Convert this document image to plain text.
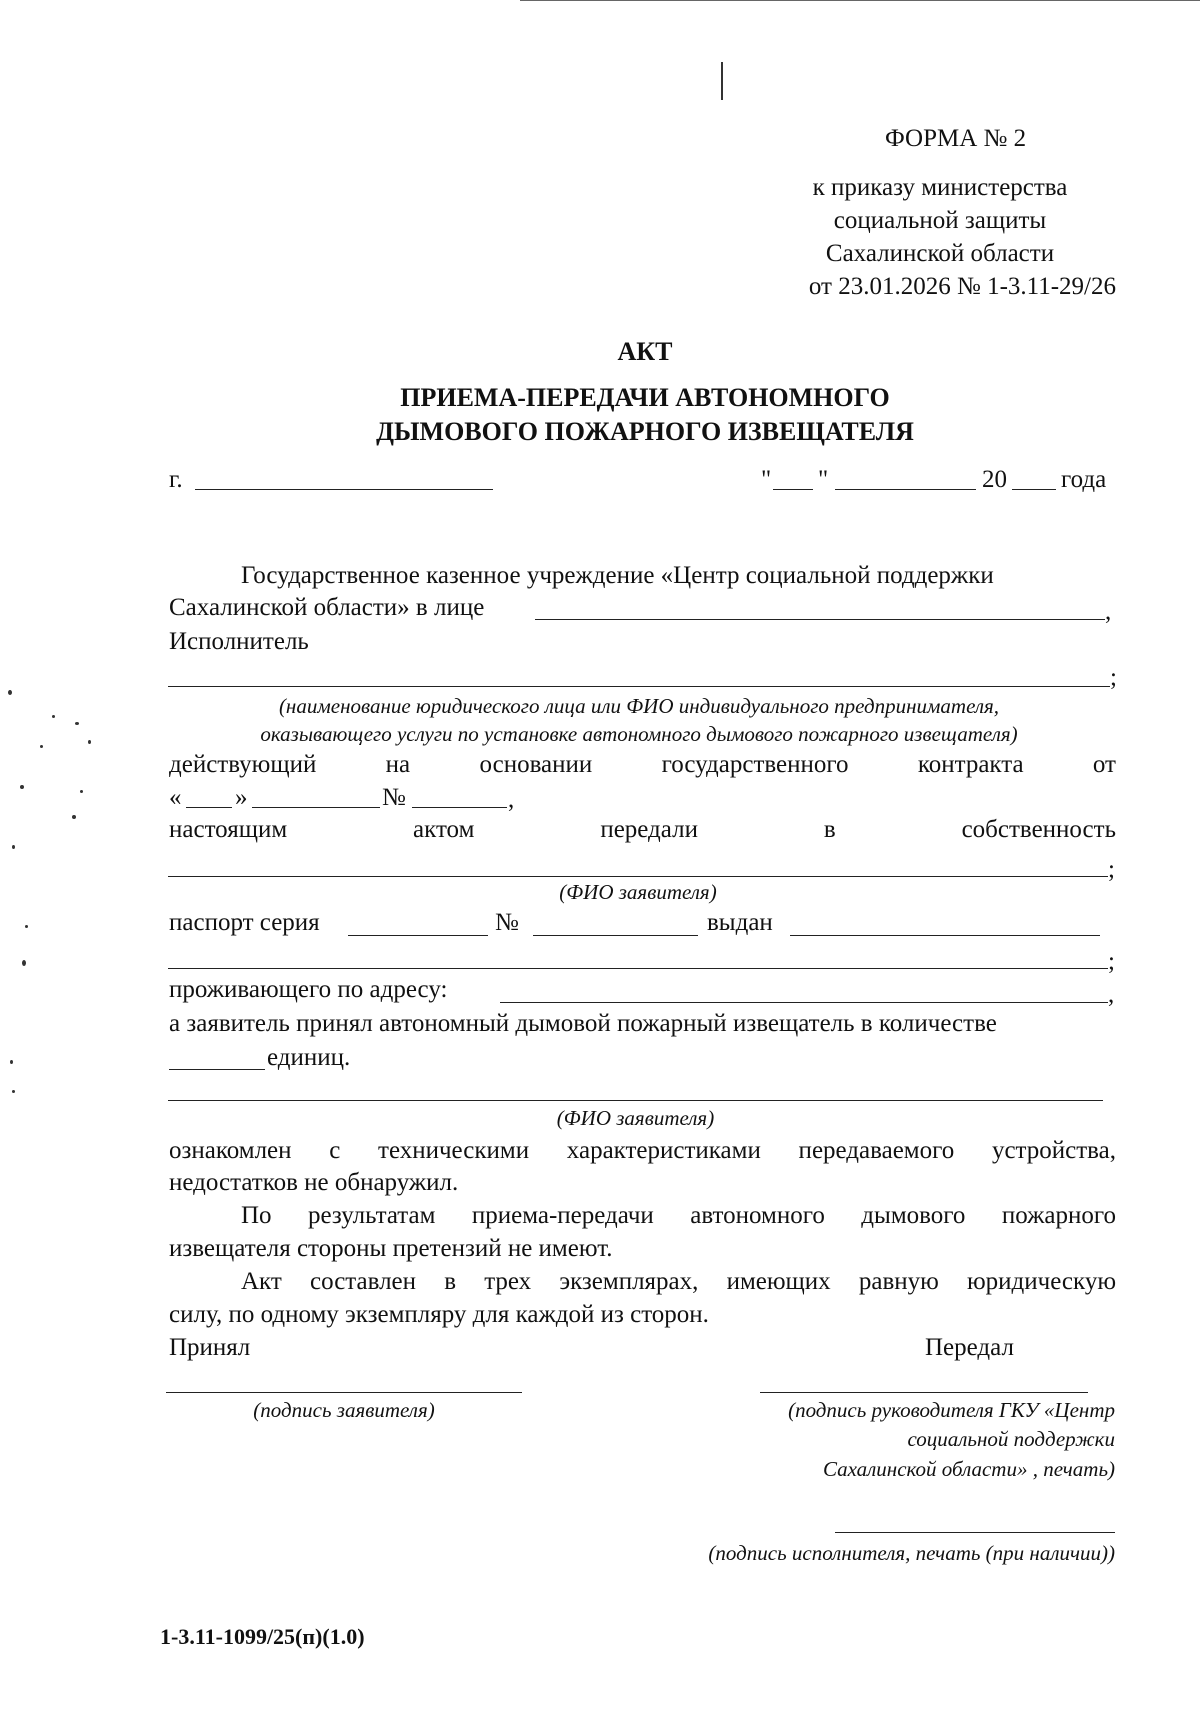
ФОРМА № 2
к приказу министерства
социальной защиты
Сахалинской области
от 23.01.2026 № 1-3.11-29/26
АКТ
ПРИЕМА-ПЕРЕДАЧИ АВТОНОМНОГО
ДЫМОВОГО ПОЖАРНОГО ИЗВЕЩАТЕЛЯ
г.	" "	20 года
Государственное казенное учреждение «Центр социальной поддержки
Сахалинской области» в лице	,
Исполнитель
;
(наименование юридического лица или ФИО индивидуального предпринимателя,
оказывающего услуги по установке автономного дымового пожарного извещателя)
действующий	на	основании	государственного	контракта	от
« »	№	,
настоящим	актом	передали	в	собственность
;
(ФИО заявителя)
паспорт серия	№	выдан
;
проживающего по адресу:	,
а заявитель принял автономный дымовой пожарный извещатель в количестве
единиц.
(ФИО заявителя)
ознакомлен с техническими характеристиками передаваемого устройства,
недостатков не обнаружил.
По результатам приема-передачи автономного дымового пожарного
извещателя стороны претензий не имеют.
Акт составлен в трех экземплярах, имеющих равную юридическую
силу, по одному экземпляру для каждой из сторон.
Принял	Передал
(подпись заявителя)	(подпись руководителя ГКУ «Центр
социальной поддержки
Сахалинской области» , печать)
(подпись исполнителя, печать (при наличии))
1-3.11-1099/25(п)(1.0)
